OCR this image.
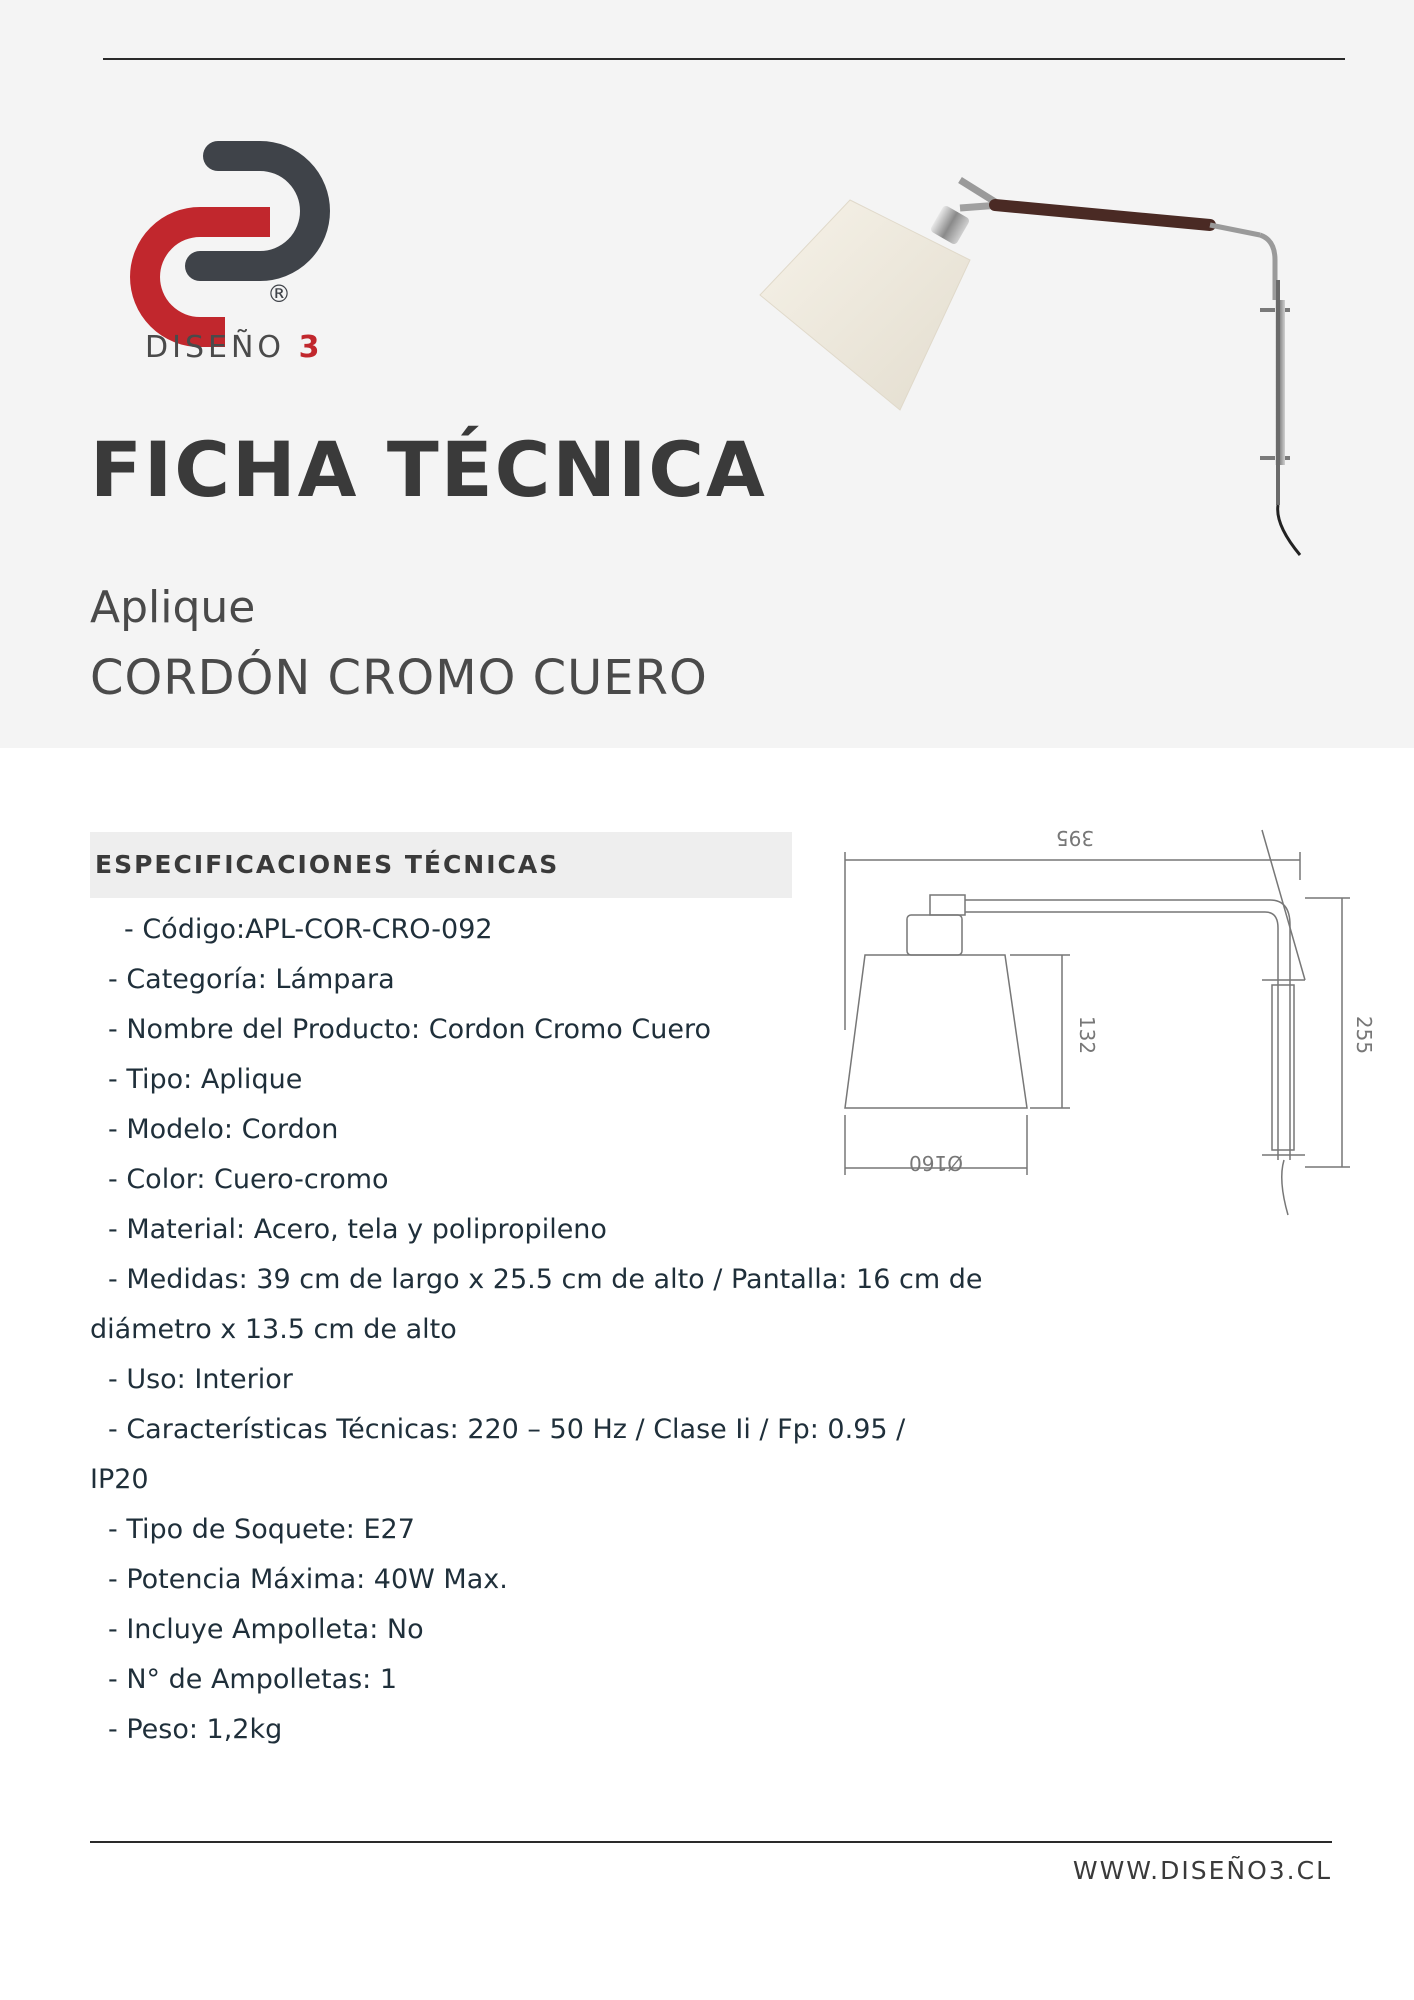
®
DISEÑO 3
FICHA TÉCNICA
Aplique
CORDÓN CROMO CUERO
ESPECIFICACIONES TÉCNICAS
- Código:APL-COR-CRO-092
- Categoría: Lámpara
- Nombre del Producto: Cordon Cromo Cuero
- Tipo: Aplique
- Modelo: Cordon
- Color: Cuero-cromo
- Material: Acero, tela y polipropileno
- Medidas: 39 cm de largo x 25.5 cm de alto / Pantalla: 16 cm de
diámetro x 13.5 cm de alto
- Uso: Interior
- Características Técnicas: 220 – 50 Hz / Clase Ii / Fp: 0.95 /
IP20
- Tipo de Soquete: E27
- Potencia Máxima: 40W Max.
- Incluye Ampolleta: No
- N° de Ampolletas: 1
- Peso: 1,2kg
395
132	255
Ø160
WWW.DISEÑO3.CL
